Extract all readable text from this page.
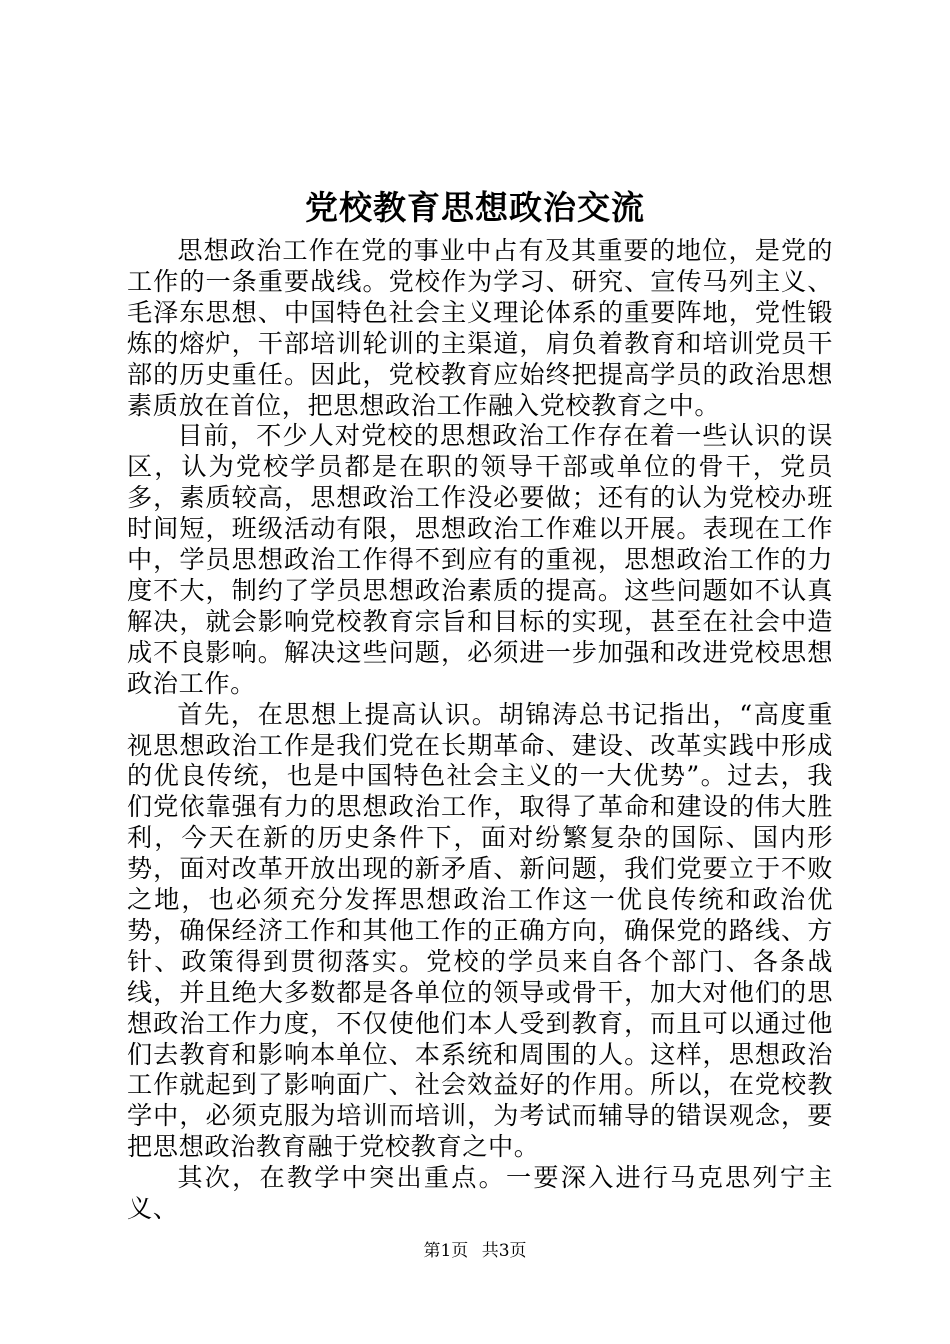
党校教育思想政治交流

思想政治工作在党的事业中占有及其重要的地位，是党的工作的一条重要战线。党校作为学习、研究、宣传马列主义、毛泽东思想、中国特色社会主义理论体系的重要阵地，党性锻炼的熔炉，干部培训轮训的主渠道，肩负着教育和培训党员干部的历史重任。因此，党校教育应始终把提高学员的政治思想素质放在首位，把思想政治工作融入党校教育之中。

目前，不少人对党校的思想政治工作存在着一些认识的误区，认为党校学员都是在职的领导干部或单位的骨干，党员多，素质较高，思想政治工作没必要做；还有的认为党校办班时间短，班级活动有限，思想政治工作难以开展。表现在工作中，学员思想政治工作得不到应有的重视，思想政治工作的力度不大，制约了学员思想政治素质的提高。这些问题如不认真解决，就会影响党校教育宗旨和目标的实现，甚至在社会中造成不良影响。解决这些问题，必须进一步加强和改进党校思想政治工作。

首先，在思想上提高认识。胡锦涛总书记指出，“高度重视思想政治工作是我们党在长期革命、建设、改革实践中形成的优良传统，也是中国特色社会主义的一大优势”。过去，我们党依靠强有力的思想政治工作，取得了革命和建设的伟大胜利，今天在新的历史条件下，面对纷繁复杂的国际、国内形势，面对改革开放出现的新矛盾、新问题，我们党要立于不败之地，也必须充分发挥思想政治工作这一优良传统和政治优势，确保经济工作和其他工作的正确方向，确保党的路线、方针、政策得到贯彻落实。党校的学员来自各个部门、各条战线，并且绝大多数都是各单位的领导或骨干，加大对他们的思想政治工作力度，不仅使他们本人受到教育，而且可以通过他们去教育和影响本单位、本系统和周围的人。这样，思想政治工作就起到了影响面广、社会效益好的作用。所以，在党校教学中，必须克服为培训而培训，为考试而辅导的错误观念，要把思想政治教育融于党校教育之中。

其次，在教学中突出重点。一要深入进行马克思列宁主义、

第1页 共3页
